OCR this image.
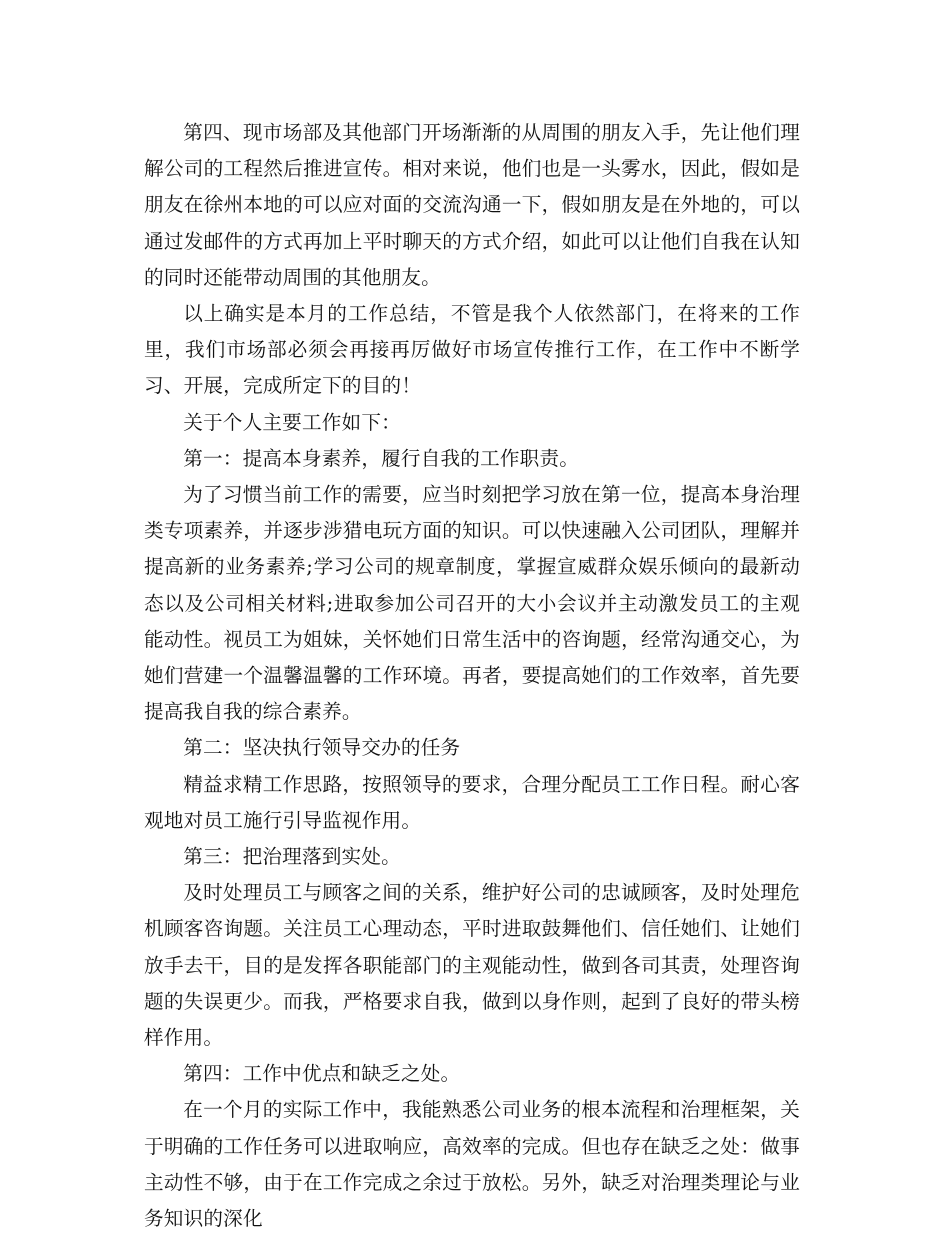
第四、现市场部及其他部门开场渐渐的从周围的朋友入手，先让他们理解公司的工程然后推进宣传。相对来说，他们也是一头雾水，因此，假如是朋友在徐州本地的可以应对面的交流沟通一下，假如朋友是在外地的，可以通过发邮件的方式再加上平时聊天的方式介绍，如此可以让他们自我在认知的同时还能带动周围的其他朋友。

以上确实是本月的工作总结，不管是我个人依然部门，在将来的工作里，我们市场部必须会再接再厉做好市场宣传推行工作，在工作中不断学习、开展，完成所定下的目的！

关于个人主要工作如下：

第一：提高本身素养，履行自我的工作职责。

为了习惯当前工作的需要，应当时刻把学习放在第一位，提高本身治理类专项素养，并逐步涉猎电玩方面的知识。可以快速融入公司团队，理解并提高新的业务素养;学习公司的规章制度，掌握宣威群众娱乐倾向的最新动态以及公司相关材料;进取参加公司召开的大小会议并主动激发员工的主观能动性。视员工为姐妹，关怀她们日常生活中的咨询题，经常沟通交心，为她们营建一个温馨温馨的工作环境。再者，要提高她们的工作效率，首先要提高我自我的综合素养。

第二：坚决执行领导交办的任务

精益求精工作思路，按照领导的要求，合理分配员工工作日程。耐心客观地对员工施行引导监视作用。

第三：把治理落到实处。

及时处理员工与顾客之间的关系，维护好公司的忠诚顾客，及时处理危机顾客咨询题。关注员工心理动态，平时进取鼓舞他们、信任她们、让她们放手去干，目的是发挥各职能部门的主观能动性，做到各司其责，处理咨询题的失误更少。而我，严格要求自我，做到以身作则，起到了良好的带头榜样作用。

第四：工作中优点和缺乏之处。

在一个月的实际工作中，我能熟悉公司业务的根本流程和治理框架，关于明确的工作任务可以进取响应，高效率的完成。但也存在缺乏之处：做事主动性不够，由于在工作完成之余过于放松。另外，缺乏对治理类理论与业务知识的深化
